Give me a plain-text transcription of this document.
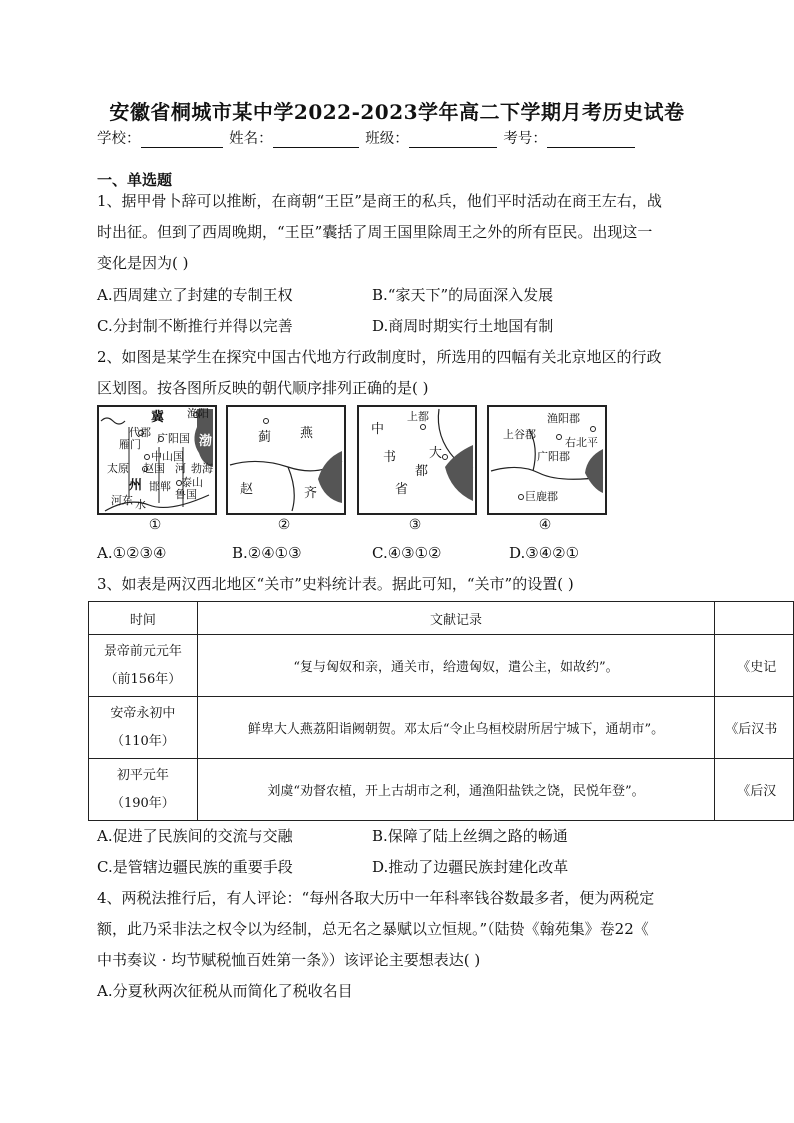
安徽省桐城市某中学2022-2023学年高二下学期月考历史试卷
学校：	姓名：	班级：	考号：
一、单选题
1、据甲骨卜辞可以推断，在商朝“王臣”是商王的私兵，他们平时活动在商王左右，战
时出征。但到了西周晚期，“王臣”囊括了周王国里除周王之外的所有臣民。出现这一
变化是因为( )
A.西周建立了封建的专制王权	B.“家天下”的局面深入发展
C.分封制不断推行并得以完善	D.商周时期实行土地国有制
2、如图是某学生在探究中国古代地方行政制度时，所选用的四幅有关北京地区的行政
区划图。按各图所反映的朝代顺序排列正确的是( )
冀 渔阳
代郡 广阳国
雁门
中山国
太原 赵国 河 勃海
泰山
州 邯郸
鲁国
河东 水
渤
①
蓟 燕
赵	齐
②
上都
中
书	大
都
省
③
渔阳郡
上谷郡
右北平
广阳郡
巨鹿郡
④
A.①②③④	B.②④①③	C.④③①②	D.③④②①
3、如表是两汉西北地区“关市”史料统计表。据此可知，“关市”的设置( )
时间	文献记录	

景帝前元元年
（前156年）	“复与匈奴和亲，通关市，给遗匈奴，遣公主，如故约”。	《史记

安帝永初中
（110年）	鲜卑大人燕荔阳诣阙朝贺。邓太后“令止乌桓校尉所居宁城下，通胡市”。	《后汉书

初平元年
（190年）	刘虞“劝督农植，开上古胡市之利，通渔阳盐铁之饶，民悦年登”。	《后汉
A.促进了民族间的交流与交融	B.保障了陆上丝绸之路的畅通
C.是管辖边疆民族的重要手段	D.推动了边疆民族封建化改革
4、两税法推行后，有人评论：“每州各取大历中一年科率钱谷数最多者，便为两税定
额，此乃采非法之权令以为经制，总无名之暴赋以立恒规。”（陆贽《翰苑集》卷22《
中书奏议 · 均节赋税恤百姓第一条》）该评论主要想表达( )
A.分夏秋两次征税从而简化了税收名目
